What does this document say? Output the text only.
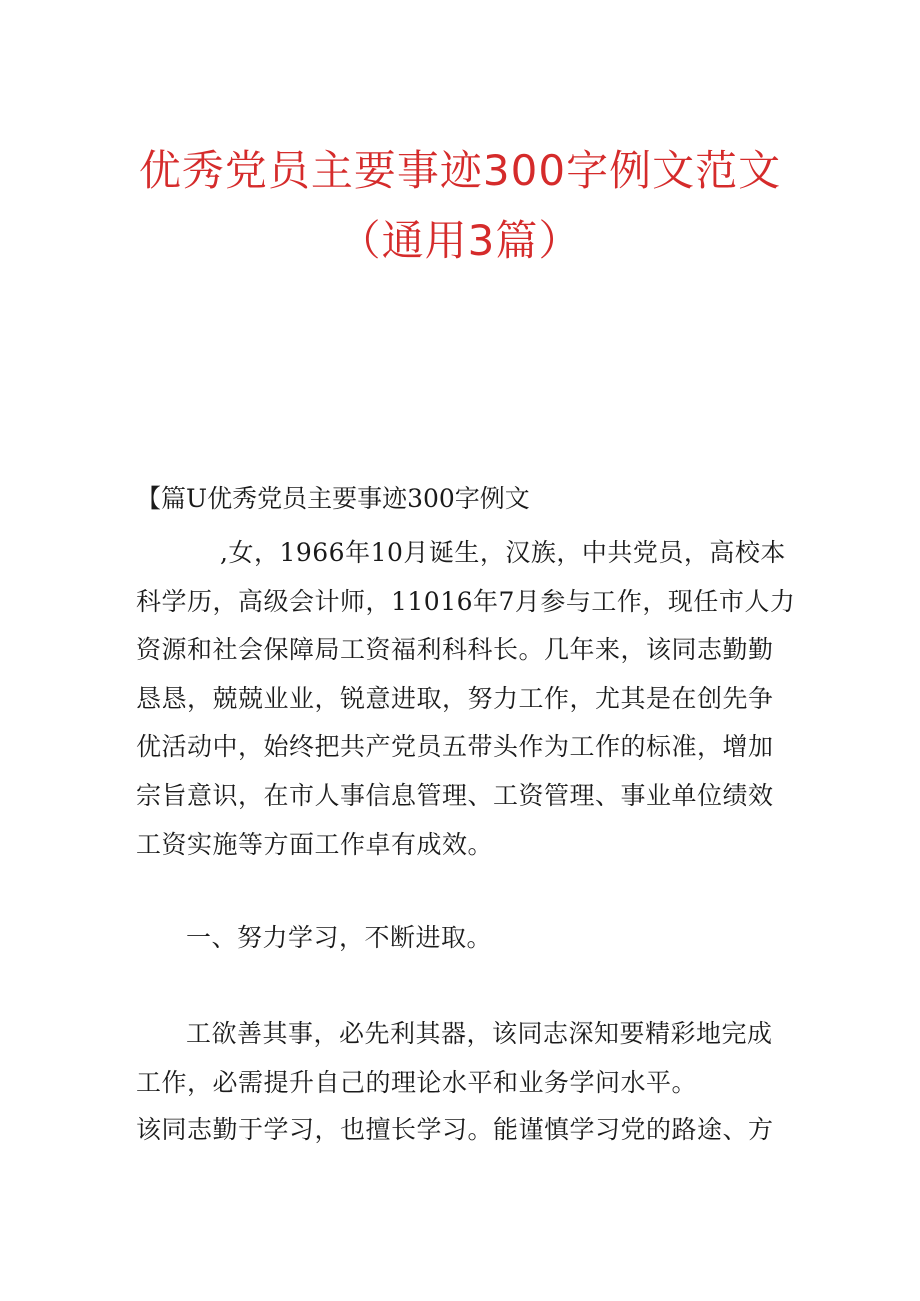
优秀党员主要事迹300字例文范文
（通用3篇）
【篇U优秀党员主要事迹300字例文

,女，1966年10月诞生，汉族，中共党员，高校本科学历，高级会计师，11016年7月参与工作，现任市人力资源和社会保障局工资福利科科长。几年来，该同志勤勤恳恳，兢兢业业，锐意进取，努力工作，尤其是在创先争优活动中，始终把共产党员五带头作为工作的标准，增加宗旨意识，在市人事信息管理、工资管理、事业单位绩效工资实施等方面工作卓有成效。

一、努力学习，不断进取。

工欲善其事，必先利其器，该同志深知要精彩地完成工作，必需提升自己的理论水平和业务学问水平。

该同志勤于学习，也擅长学习。能谨慎学习党的路途、方
